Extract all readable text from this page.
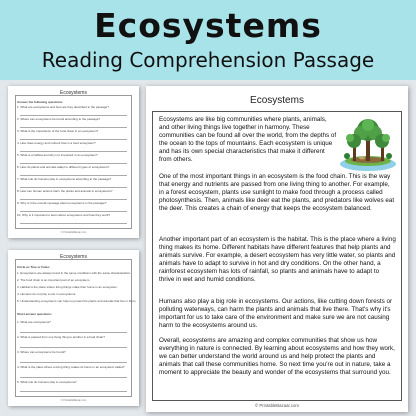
Ecosystems
Reading Comprehension Passage
Ecosystems
Answer the following questions:
1. What are ecosystems and how are they described in the passage?
2. Where can ecosystems be found according to the passage?
3. What is the importance of the food chain in an ecosystem?
4. How does energy and nutrient flow in a food ecosystem?
5. What is a habitat and why is it important in an ecosystem?
6. How do plants and animals adapt to different types of ecosystems?
7. What role do humans play in ecosystems according to the passage?
8. How can human actions harm the plants and animals in ecosystems?
9. Why is it the overall message about ecosystems in the passage?
10. Why is it important to learn about ecosystems and how they work?
© PrintableBazaar.com
Ecosystems
Circle as True or False:
1. Ecosystems are always found in the same conditions with the same characteristics.
2. The food chain is an important part of an ecosystem.
3. Habitat is the place where living things make their home in an ecosystem.
4. Humans do not play a role in ecosystems.
5. Understanding ecosystems can help us protect the plants and animals that live in them.
Short answer questions:
1. What are ecosystems?
2. What is passed from one living thing to another in a food chain?
3. Where can ecosystems be found?
4. What is the place where a living thing makes its home in an ecosystem called?
5. What role do humans play in ecosystems?
© PrintableBazaar.com
Ecosystems

Ecosystems are like big communities where plants, animals, and other living things live together in harmony. These communities can be found all over the world, from the depths of the ocean to the tops of mountains. Each ecosystem is unique and has its own special characteristics that make it different from others.

One of the most important things in an ecosystem is the food chain. This is the way that energy and nutrients are passed from one living thing to another. For example, in a forest ecosystem, plants use sunlight to make food through a process called photosynthesis. Then, animals like deer eat the plants, and predators like wolves eat the deer. This creates a chain of energy that keeps the ecosystem balanced.

Another important part of an ecosystem is the habitat. This is the place where a living thing makes its home. Different habitats have different features that help plants and animals survive. For example, a desert ecosystem has very little water, so plants and animals have to adapt to survive in hot and dry conditions. On the other hand, a rainforest ecosystem has lots of rainfall, so plants and animals have to adapt to thrive in wet and humid conditions.

Humans also play a big role in ecosystems. Our actions, like cutting down forests or polluting waterways, can harm the plants and animals that live there. That's why it's important for us to take care of the environment and make sure we are not causing harm to the ecosystems around us.

Overall, ecosystems are amazing and complex communities that show us how everything in nature is connected. By learning about ecosystems and how they work, we can better understand the world around us and help protect the plants and animals that call these communities home. So next time you're out in nature, take a moment to appreciate the beauty and wonder of the ecosystems that surround you.

© PrintableBazaar.com
